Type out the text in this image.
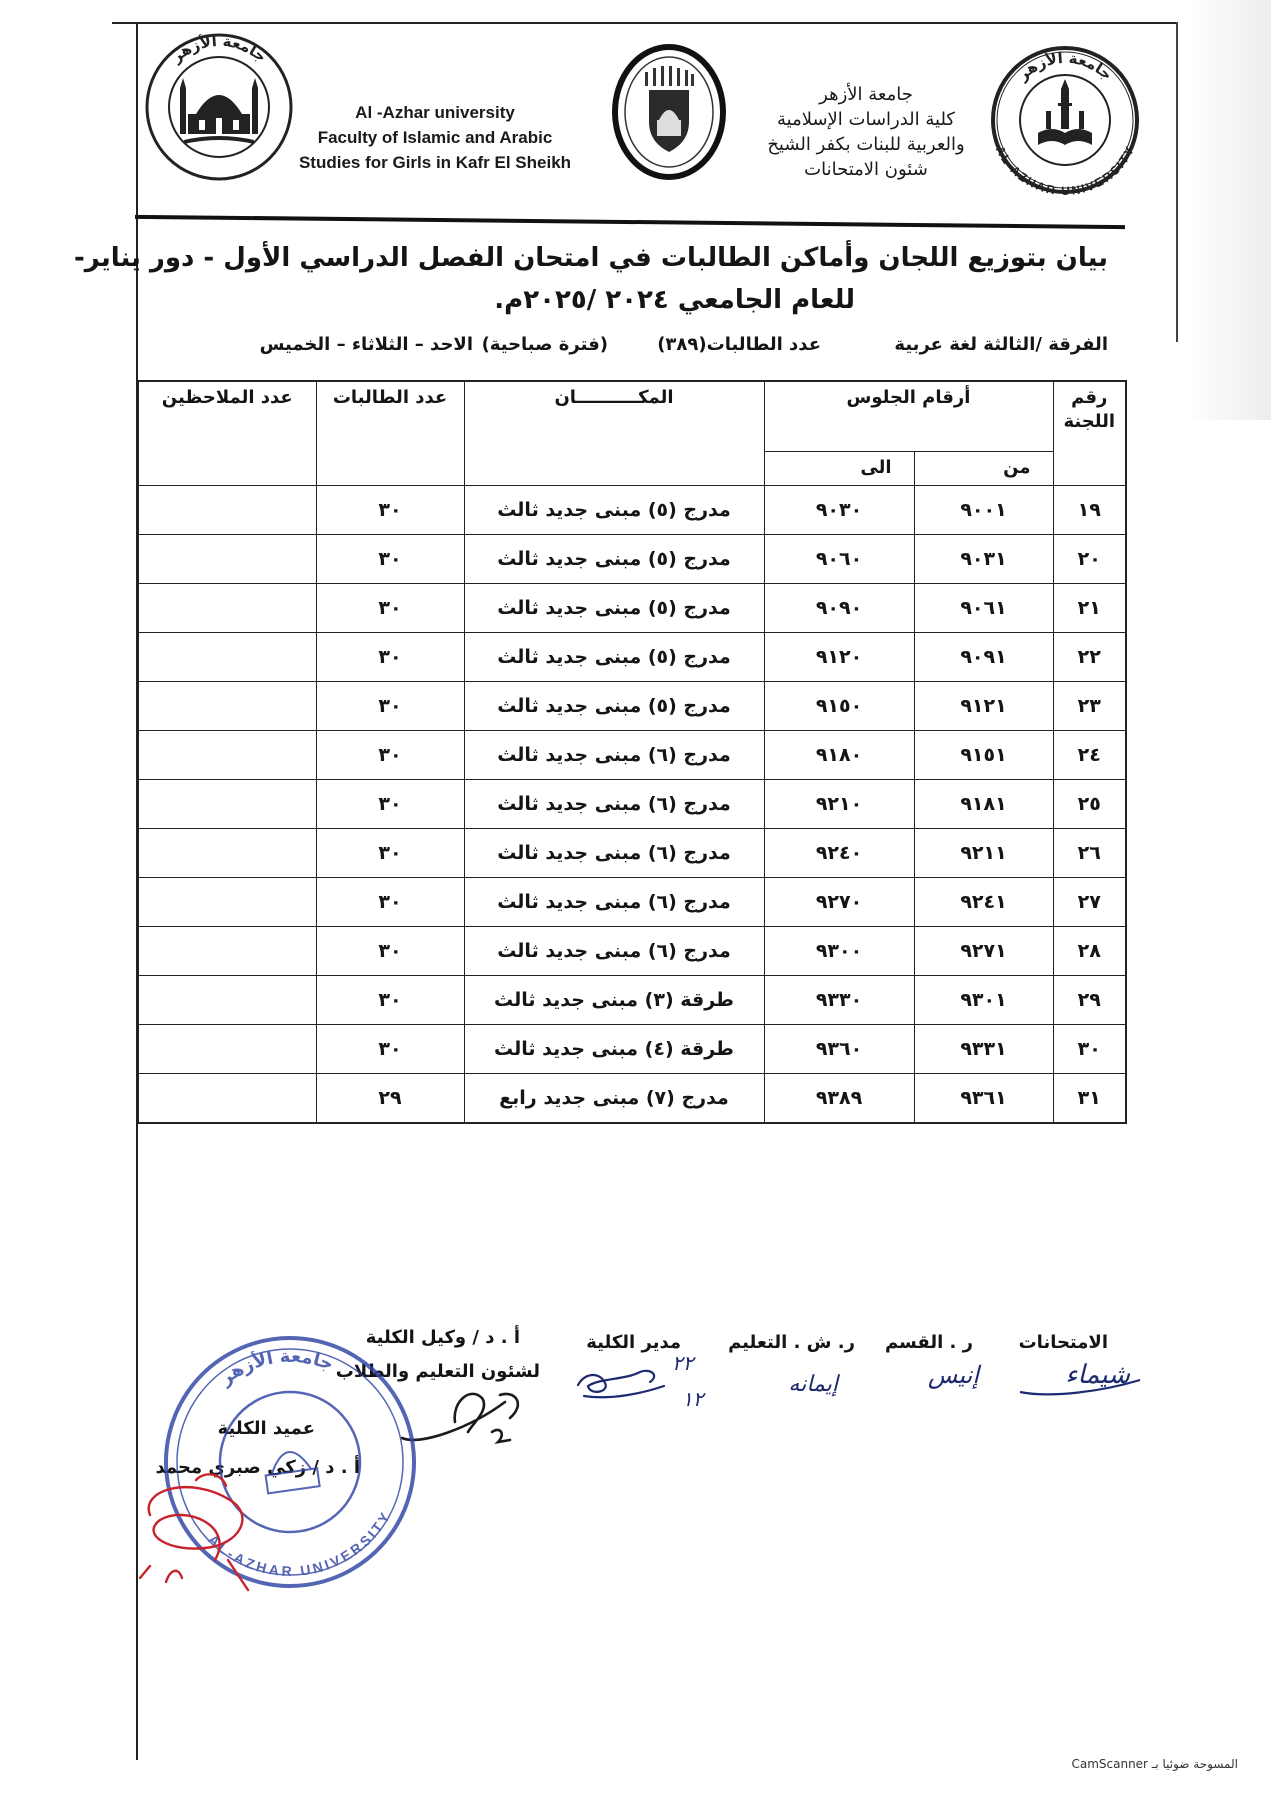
جامعة الأزهر
Al -Azhar university
Faculty of Islamic and Arabic
Studies for Girls in Kafr El Sheikh
جامعة الأزهر
كلية الدراسات الإسلامية
والعربية للبنات بكفر الشيخ
شئون الامتحانات
جامعة الأزهر
AL-AZHAR UNIVERSITY
بيان بتوزيع اللجان وأماكن الطالبات في امتحان الفصل الدراسي الأول - دور يناير-
للعام الجامعي ٢٠٢٤ /٢٠٢٥م.
الفرقة /الثالثة لغة عربية
عدد الطالبات(٣٨٩)
(فترة صباحية)
الاحد – الثلاثاء – الخميس
رقم اللجنة	أرقام الجلوس		المكــــــــــان	عدد الطالبات	عدد الملاحظين
	من	الى			
١٩	٩٠٠١	٩٠٣٠	مدرج (٥) مبنى جديد ثالث	٣٠	
٢٠	٩٠٣١	٩٠٦٠	مدرج (٥) مبنى جديد ثالث	٣٠	
٢١	٩٠٦١	٩٠٩٠	مدرج (٥) مبنى جديد ثالث	٣٠	
٢٢	٩٠٩١	٩١٢٠	مدرج (٥) مبنى جديد ثالث	٣٠	
٢٣	٩١٢١	٩١٥٠	مدرج (٥) مبنى جديد ثالث	٣٠	
٢٤	٩١٥١	٩١٨٠	مدرج (٦) مبنى جديد ثالث	٣٠	
٢٥	٩١٨١	٩٢١٠	مدرج (٦) مبنى جديد ثالث	٣٠	
٢٦	٩٢١١	٩٢٤٠	مدرج (٦) مبنى جديد ثالث	٣٠	
٢٧	٩٢٤١	٩٢٧٠	مدرج (٦) مبنى جديد ثالث	٣٠	
٢٨	٩٢٧١	٩٣٠٠	مدرج (٦) مبنى جديد ثالث	٣٠	
٢٩	٩٣٠١	٩٣٣٠	طرقة (٣) مبنى جديد ثالث	٣٠	
٣٠	٩٣٣١	٩٣٦٠	طرقة (٤) مبنى جديد ثالث	٣٠	
٣١	٩٣٦١	٩٣٨٩	مدرج (٧) مبنى جديد رابع	٢٩	
الامتحانات
ر . القسم
ر. ش . التعليم
مدير الكلية
أ . د / وكيل الكلية
لشئون التعليم والطلاب
عميد الكلية
أ . د / زكي صبري محمد
شيماء
إنيس
إيمانه
٢٢
١٢
جامعة الأزهر
AL-AZHAR UNIVERSITY
المسوحة ضوئيا بـ CamScanner
